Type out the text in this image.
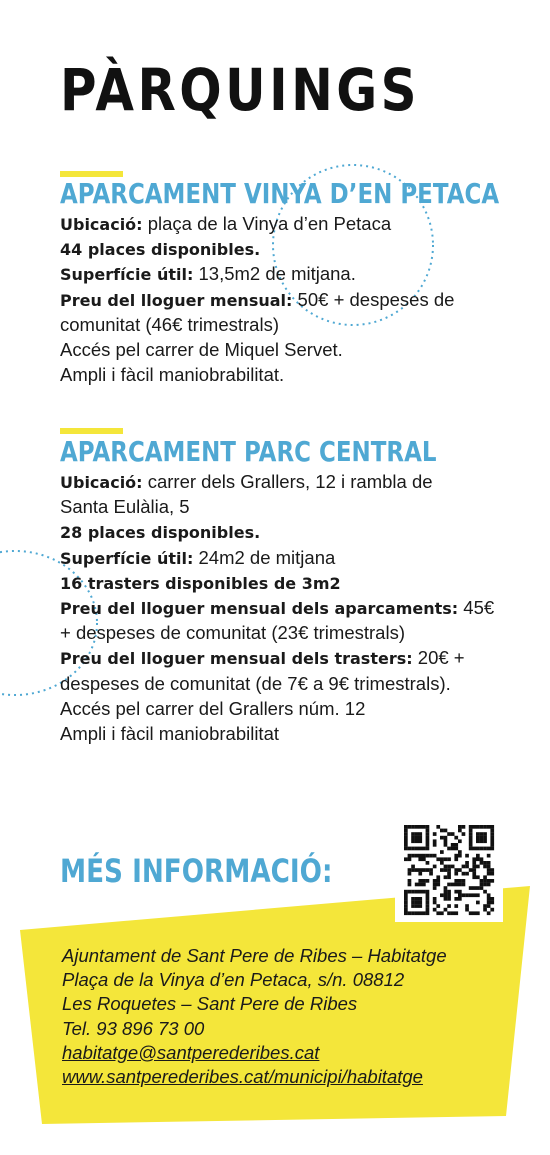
PÀRQUINGS
APARCAMENT VINYA D’EN PETACA
Ubicació: plaça de la Vinya d’en Petaca
44 places disponibles.
Superfície útil: 13,5m2 de mitjana.
Preu del lloguer mensual: 50€ + despeses de
comunitat (46€ trimestrals)
Accés pel carrer de Miquel Servet.
Ampli i fàcil maniobrabilitat.
APARCAMENT PARC CENTRAL
Ubicació: carrer dels Grallers, 12 i rambla de
Santa Eulàlia, 5
28 places disponibles.
Superfície útil: 24m2 de mitjana
16 trasters disponibles de 3m2
Preu del lloguer mensual dels aparcaments: 45€
+ despeses de comunitat (23€ trimestrals)
Preu del lloguer mensual dels trasters: 20€ +
despeses de comunitat (de 7€ a 9€ trimestrals).
Accés pel carrer del Grallers núm. 12
Ampli i fàcil maniobrabilitat
MÉS INFORMACIÓ:
Ajuntament de Sant Pere de Ribes – Habitatge
Plaça de la Vinya d’en Petaca, s/n. 08812
Les Roquetes – Sant Pere de Ribes
Tel. 93 896 73 00
habitatge@santperederibes.cat
www.santperederibes.cat/municipi/habitatge
